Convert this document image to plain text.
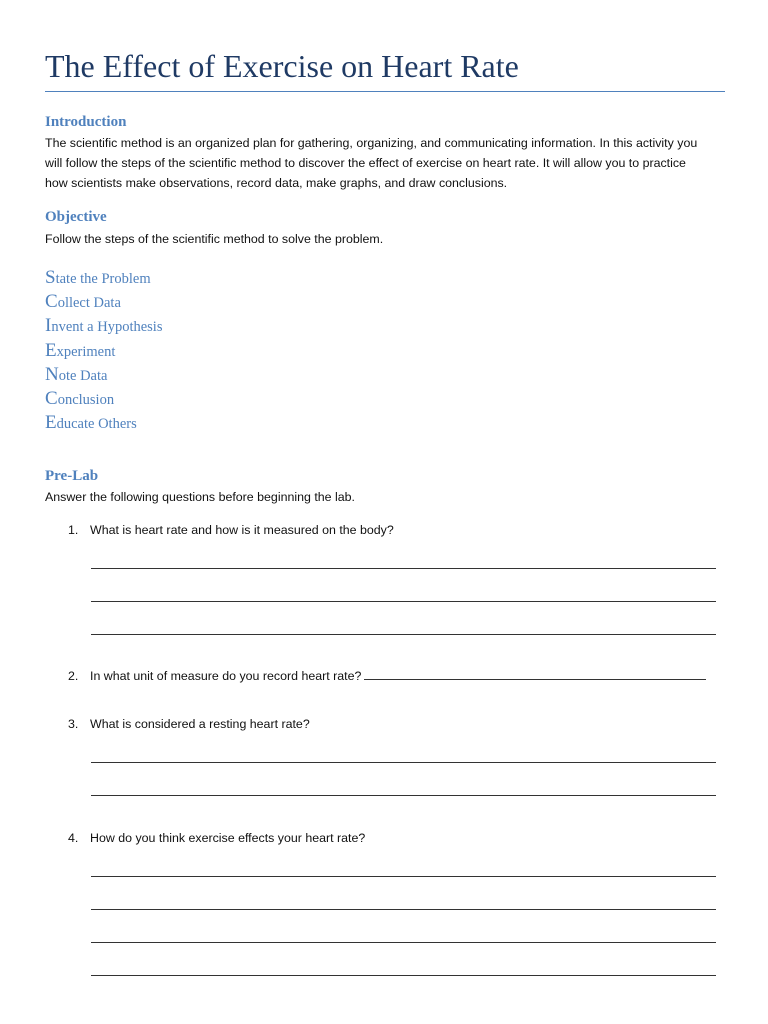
The Effect of Exercise on Heart Rate
Introduction

The scientific method is an organized plan for gathering, organizing, and communicating information. In this activity you
will follow the steps of the scientific method to discover the effect of exercise on heart rate. It will allow you to practice
how scientists make observations, record data, make graphs, and draw conclusions.

Objective

Follow the steps of the scientific method to solve the problem.

State the Problem
Collect Data
Invent a Hypothesis
Experiment
Note Data
Conclusion
Educate Others
Pre-Lab

Answer the following questions before beginning the lab.

1. What is heart rate and how is it measured on the body?
2. In what unit of measure do you record heart rate?
3. What is considered a resting heart rate?
4. How do you think exercise effects your heart rate?
